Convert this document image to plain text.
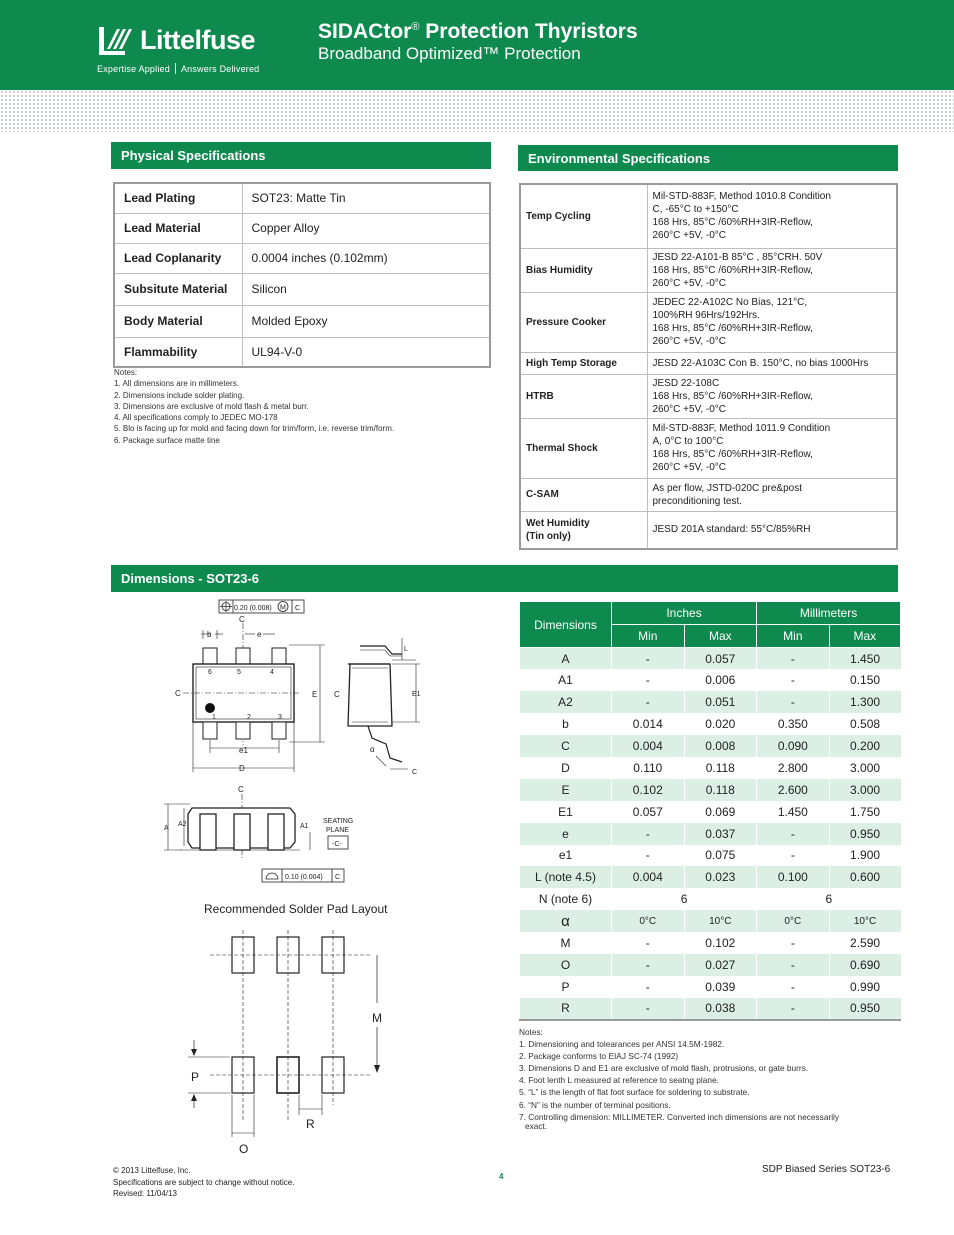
Littelfuse
Expertise Applied Answers Delivered
SIDACtor® Protection Thyristors
Broadband Optimized™ Protection
Physical Specifications
Lead Plating	SOT23: Matte Tin
Lead Material	Copper Alloy
Lead Coplanarity	0.0004 inches (0.102mm)
Subsitute Material	Silicon
Body Material	Molded Epoxy
Flammability	UL94-V-0
Notes:
1. All dimensions are in millimeters.
2. Dimensions include solder plating.
3. Dimensions are exclusive of mold flash & metal burr.
4. All specifications comply to JEDEC MO-178
5. Blo is facing up for mold and facing down for trim/form, i.e. reverse trim/form.
6. Package surface matte tine
Environmental Specifications
Temp Cycling	Mil-STD-883F, Method 1010.8 Condition
C, -65°C to +150°C
168 Hrs, 85°C /60%RH+3IR-Reflow,
260°C +5V, -0°C

Bias Humidity	JESD 22-A101-B 85°C , 85°CRH. 50V
168 Hrs, 85°C /60%RH+3IR-Reflow,
260°C +5V, -0°C

Pressure Cooker	JEDEC 22-A102C No Bias, 121°C,
100%RH 96Hrs/192Hrs.
168 Hrs, 85°C /60%RH+3IR-Reflow,
260°C +5V, -0°C

High Temp Storage	JESD 22-A103C Con B. 150°C, no bias 1000Hrs

HTRB	JESD 22-108C
168 Hrs, 85°C /60%RH+3IR-Reflow,
260°C +5V, -0°C

Thermal Shock	Mil-STD-883F, Method 1011.9 Condition
A, 0°C to 100°C
168 Hrs, 85°C /60%RH+3IR-Reflow,
260°C +5V, -0°C

C-SAM	As per flow, JSTD-020C pre&post
preconditioning test.

Wet Humidity
(Tin only)	JESD 201A standard: 55°C/85%RH
Dimensions - SOT23-6
Dimensions	Inches		Millimeters	
	Min	Max	Min	Max
A	-	0.057	-	1.450
A1	-	0.006	-	0.150
A2	-	0.051	-	1.300
b	0.014	0.020	0.350	0.508
C	0.004	0.008	0.090	0.200
D	0.110	0.118	2.800	3.000
E	0.102	0.118	2.600	3.000
E1	0.057	0.069	1.450	1.750
e	-	0.037	-	0.950
e1	-	0.075	-	1.900
L (note 4.5)	0.004	0.023	0.100	0.600
N (note 6)	6		6	
α	0°C	10°C	0°C	10°C
M	-	0.102	-	2.590
O	-	0.027	-	0.690
P	-	0.039	-	0.990
R	-	0.038	-	0.950
Notes:
1. Dimensioning and tolearances per ANSI 14.5M-1982.
2. Package conforms to EIAJ SC-74 (1992)
3. Dimensions D and E1 are exclusive of mold flash, protrusions, or gate burrs.
4. Foot lenth L measured at reference to seatng plane.
5. “L” is the length of flat foot surface for soldering to substrate.
6. “N” is the number of terminal positions.
7. Controlling dimension: MILLIMETER. Converted inch dimensions are not necessarily
exact.
0.20 (0.008) M C
C
b	e
6	5	4
1	2	3
C	E
e1
D
C
L
E1
α
C
C
A
A2	A1
SEATING
PLANE
-C-
0.10 (0.004) C
Recommended Solder Pad Layout
M
P
O
R
© 2013 Littelfuse, Inc.
Specifications are subject to change without notice.
Revised: 11/04/13
4
SDP Biased Series SOT23-6
